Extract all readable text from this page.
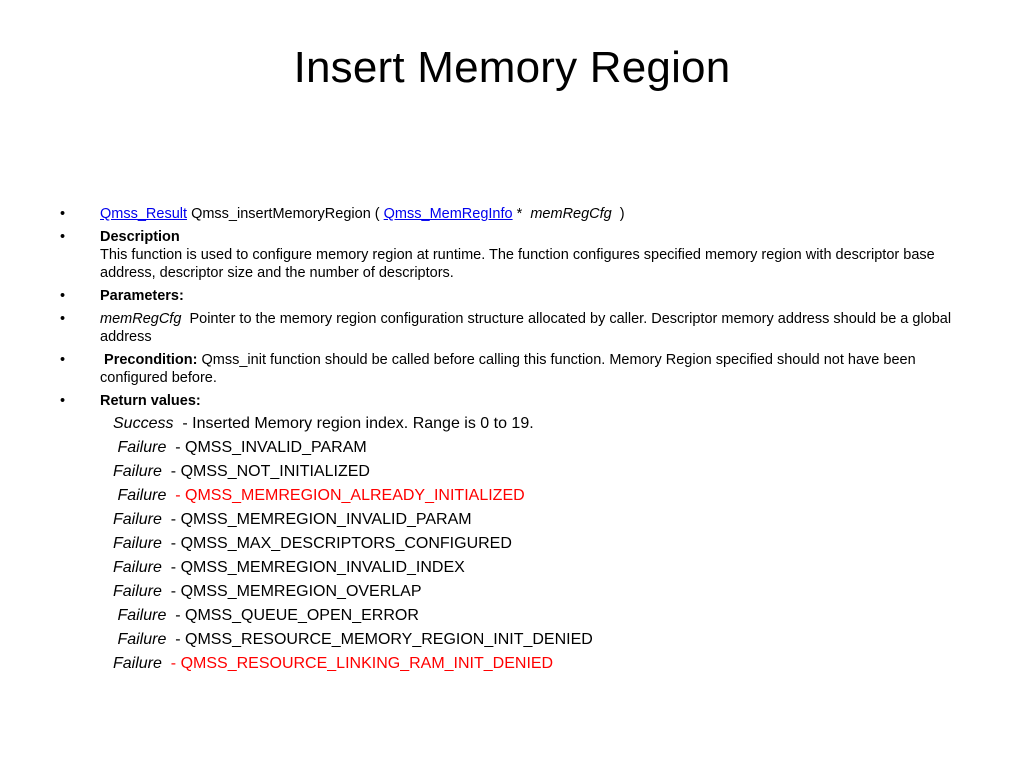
Insert Memory Region
• Qmss_Result Qmss_insertMemoryRegion ( Qmss_MemRegInfo * memRegCfg )
• Description
This function is used to configure memory region at runtime. The function configures specified memory region with descriptor base address, descriptor size and the number of descriptors.
• Parameters:
• memRegCfg Pointer to the memory region configuration structure allocated by caller. Descriptor memory address should be a global address
•	Precondition: Qmss_init function should be called before calling this function. Memory Region specified should not have been configured before.
• Return values:
Success  - Inserted Memory region index. Range is 0 to 19.
Failure  - QMSS_INVALID_PARAM
Failure  - QMSS_NOT_INITIALIZED
Failure  - QMSS_MEMREGION_ALREADY_INITIALIZED
Failure  - QMSS_MEMREGION_INVALID_PARAM
Failure  - QMSS_MAX_DESCRIPTORS_CONFIGURED
Failure  - QMSS_MEMREGION_INVALID_INDEX
Failure  - QMSS_MEMREGION_OVERLAP
Failure  - QMSS_QUEUE_OPEN_ERROR
Failure  - QMSS_RESOURCE_MEMORY_REGION_INIT_DENIED
Failure  - QMSS_RESOURCE_LINKING_RAM_INIT_DENIED
